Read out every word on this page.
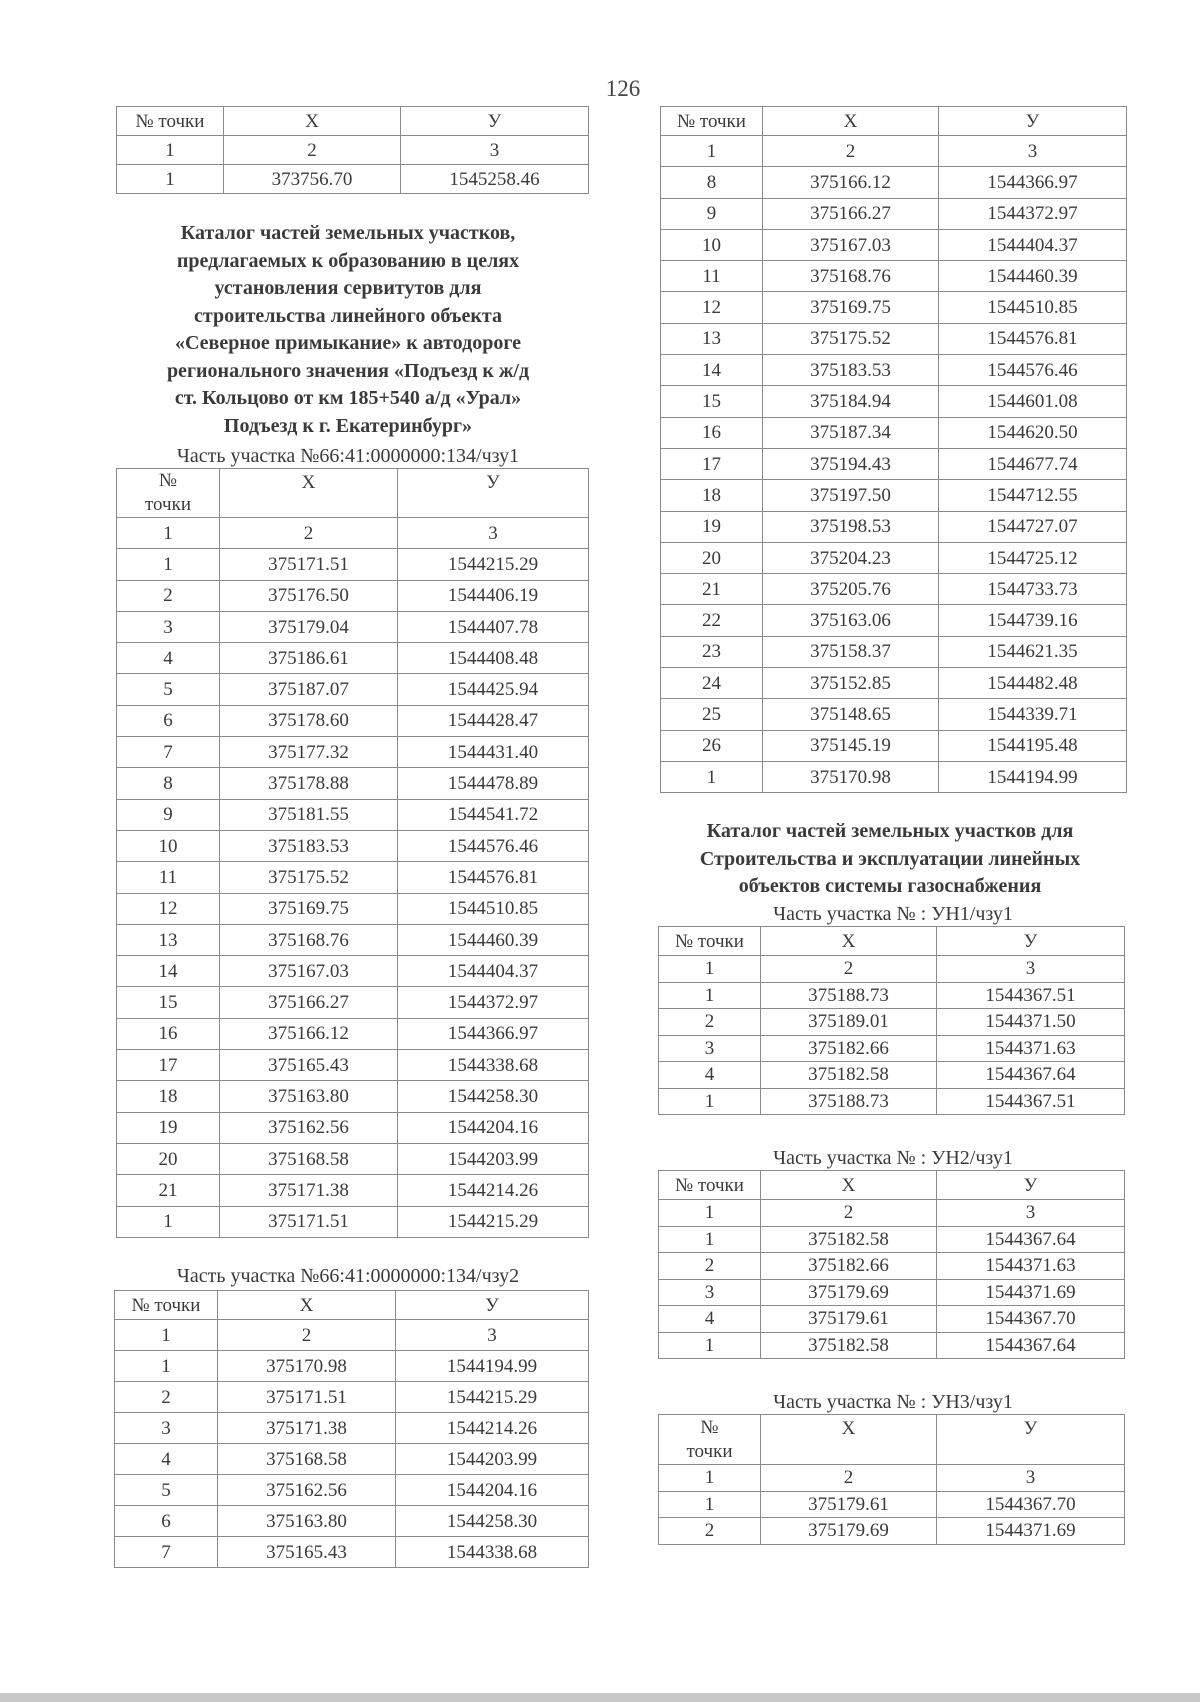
126
№ точки	Х	У
1	2	3
1	373756.70	1545258.46
Каталог частей земельных участков,
предлагаемых к образованию в целях
установления сервитутов для
строительства линейного объекта
«Северное примыкание» к автодороге
регионального значения «Подъезд к ж/д
ст. Кольцово от км 185+540 а/д «Урал»
Подъезд к г. Екатеринбург»
Часть участка №66:41:0000000:134/чзу1
№
точки	Х	У
1	2	3
1	375171.51	1544215.29
2	375176.50	1544406.19
3	375179.04	1544407.78
4	375186.61	1544408.48
5	375187.07	1544425.94
6	375178.60	1544428.47
7	375177.32	1544431.40
8	375178.88	1544478.89
9	375181.55	1544541.72
10	375183.53	1544576.46
11	375175.52	1544576.81
12	375169.75	1544510.85
13	375168.76	1544460.39
14	375167.03	1544404.37
15	375166.27	1544372.97
16	375166.12	1544366.97
17	375165.43	1544338.68
18	375163.80	1544258.30
19	375162.56	1544204.16
20	375168.58	1544203.99
21	375171.38	1544214.26
1	375171.51	1544215.29
Часть участка №66:41:0000000:134/чзу2
№ точки	Х	У
1	2	3
1	375170.98	1544194.99
2	375171.51	1544215.29
3	375171.38	1544214.26
4	375168.58	1544203.99
5	375162.56	1544204.16
6	375163.80	1544258.30
7	375165.43	1544338.68
№ точки	Х	У
1	2	3
8	375166.12	1544366.97
9	375166.27	1544372.97
10	375167.03	1544404.37
11	375168.76	1544460.39
12	375169.75	1544510.85
13	375175.52	1544576.81
14	375183.53	1544576.46
15	375184.94	1544601.08
16	375187.34	1544620.50
17	375194.43	1544677.74
18	375197.50	1544712.55
19	375198.53	1544727.07
20	375204.23	1544725.12
21	375205.76	1544733.73
22	375163.06	1544739.16
23	375158.37	1544621.35
24	375152.85	1544482.48
25	375148.65	1544339.71
26	375145.19	1544195.48
1	375170.98	1544194.99
Каталог частей земельных участков для
Строительства и эксплуатации линейных
объектов системы газоснабжения
Часть участка № : УН1/чзу1
№ точки	Х	У
1	2	3
1	375188.73	1544367.51
2	375189.01	1544371.50
3	375182.66	1544371.63
4	375182.58	1544367.64
1	375188.73	1544367.51
Часть участка № : УН2/чзу1
№ точки	Х	У
1	2	3
1	375182.58	1544367.64
2	375182.66	1544371.63
3	375179.69	1544371.69
4	375179.61	1544367.70
1	375182.58	1544367.64
Часть участка № : УН3/чзу1
№
точки	Х	У
1	2	3
1	375179.61	1544367.70
2	375179.69	1544371.69
